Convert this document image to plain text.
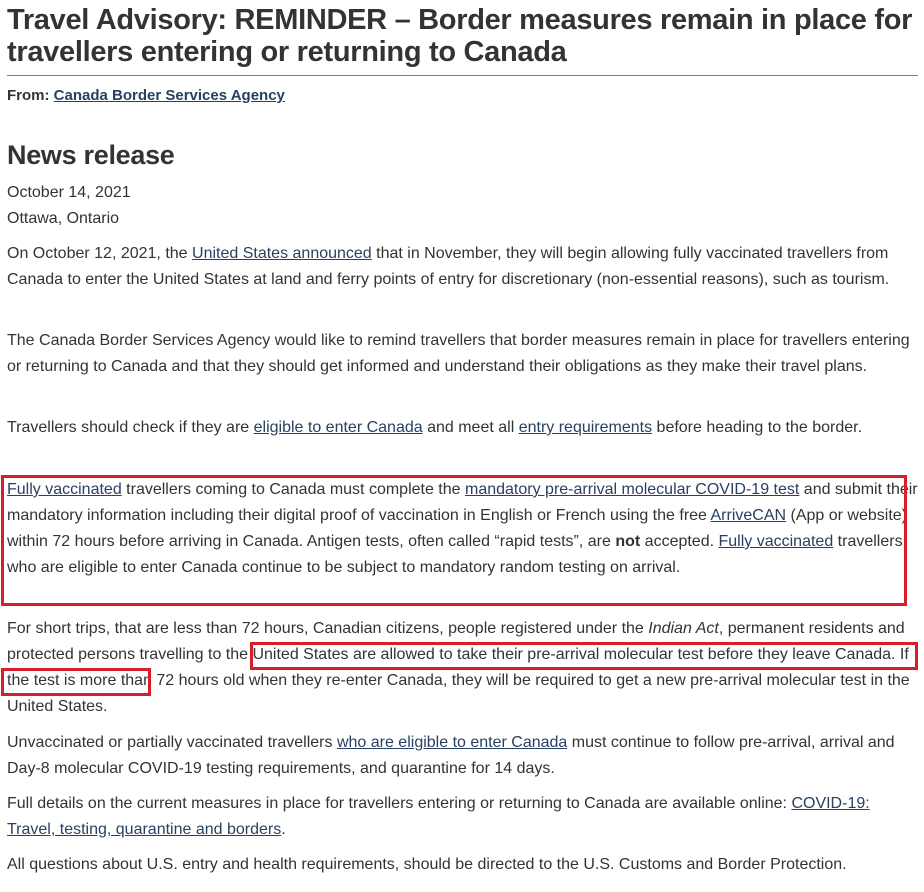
Travel Advisory: REMINDER – Border measures remain in place for travellers entering or returning to Canada
From: Canada Border Services Agency
News release
October 14, 2021
Ottawa, Ontario

On October 12, 2021, the United States announced that in November, they will begin allowing fully vaccinated travellers from Canada to enter the United States at land and ferry points of entry for discretionary (non-essential reasons), such as tourism.

The Canada Border Services Agency would like to remind travellers that border measures remain in place for travellers entering or returning to Canada and that they should get informed and understand their obligations as they make their travel plans.

Travellers should check if they are eligible to enter Canada and meet all entry requirements before heading to the border.

Fully vaccinated travellers coming to Canada must complete the mandatory pre-arrival molecular COVID-19 test and submit their mandatory information including their digital proof of vaccination in English or French using the free ArriveCAN (App or website) within 72 hours before arriving in Canada. Antigen tests, often called “rapid tests”, are not accepted. Fully vaccinated travellers who are eligible to enter Canada continue to be subject to mandatory random testing on arrival.

For short trips, that are less than 72 hours, Canadian citizens, people registered under the Indian Act, permanent residents and protected persons travelling to the United States are allowed to take their pre-arrival molecular test before they leave Canada. If the test is more than 72 hours old when they re-enter Canada, they will be required to get a new pre-arrival molecular test in the United States.

Unvaccinated or partially vaccinated travellers who are eligible to enter Canada must continue to follow pre-arrival, arrival and Day-8 molecular COVID-19 testing requirements, and quarantine for 14 days.

Full details on the current measures in place for travellers entering or returning to Canada are available online: COVID-19: Travel, testing, quarantine and borders.

All questions about U.S. entry and health requirements, should be directed to the U.S. Customs and Border Protection.
